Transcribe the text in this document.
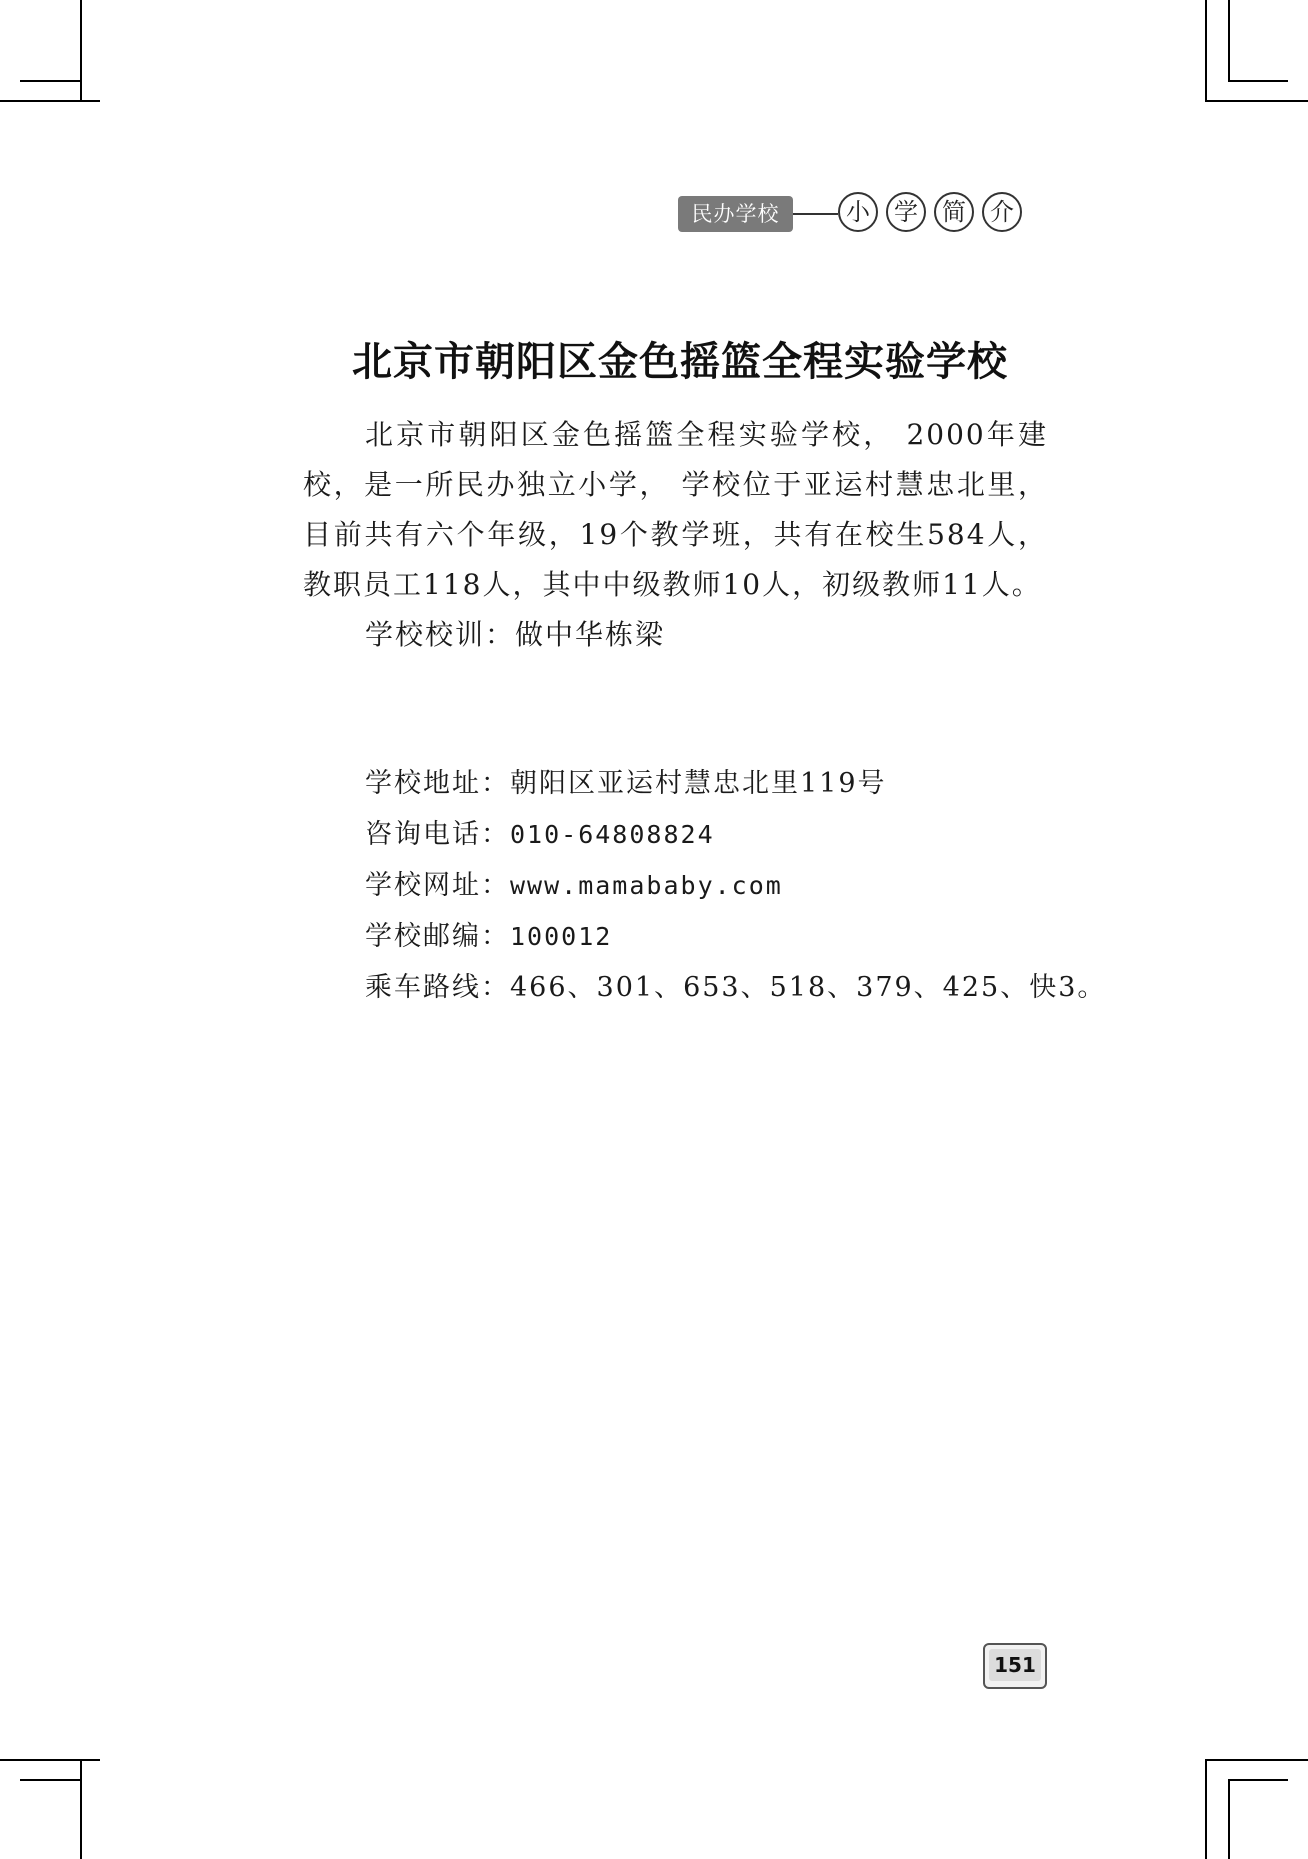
民办学校	小	学	简	介
北京市朝阳区金色摇篮全程实验学校

北京市朝阳区金色摇篮全程实验学校， 2000年建校，是一所民办独立小学， 学校位于亚运村慧忠北里，目前共有六个年级，19个教学班，共有在校生584人，教职员工118人，其中中级教师10人，初级教师11人。

学校校训：做中华栋梁

学校地址： 朝阳区亚运村慧忠北里119号
咨询电话： 010-64808824
学校网址： www.mamababy.com
学校邮编： 100012
乘车路线： 466、301、653、518、379、425、快3。
151
